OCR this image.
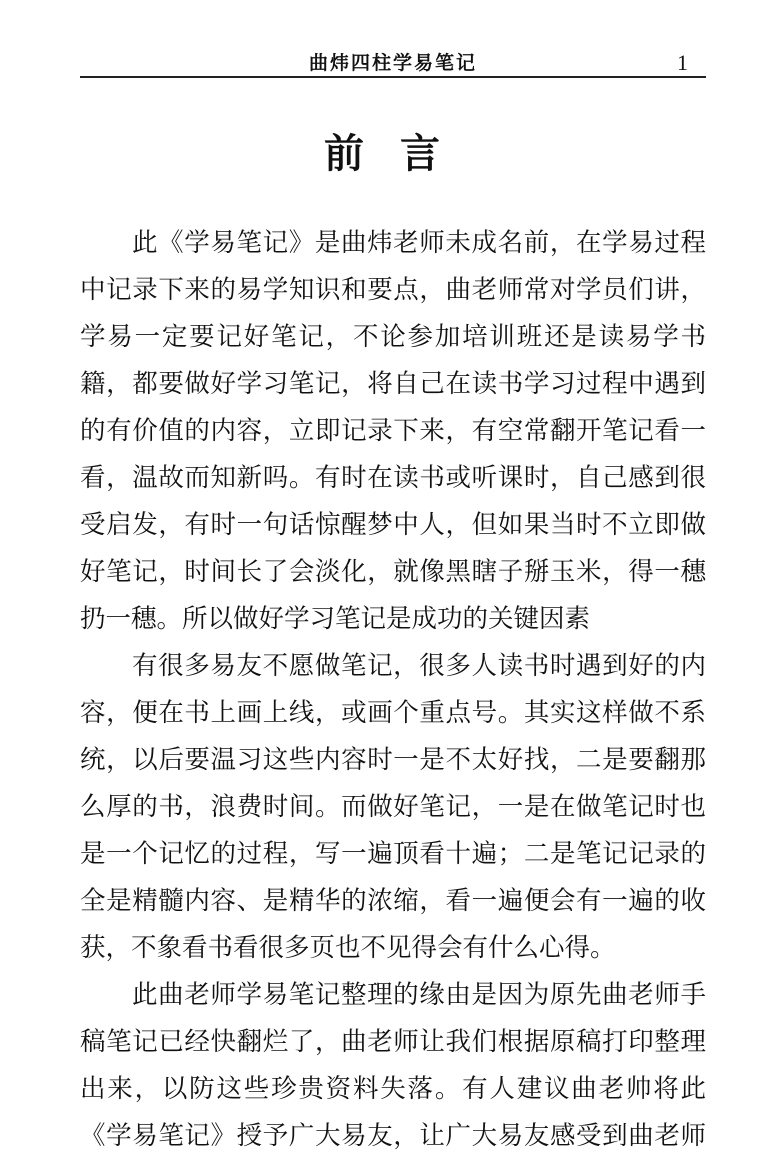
曲炜四柱学易笔记	1
前言
此《学易笔记》是曲炜老师未成名前，在学易过程
中记录下来的易学知识和要点，曲老师常对学员们讲，
学易一定要记好笔记，不论参加培训班还是读易学书
籍，都要做好学习笔记，将自己在读书学习过程中遇到
的有价值的内容，立即记录下来，有空常翻开笔记看一
看，温故而知新吗。有时在读书或听课时，自己感到很
受启发，有时一句话惊醒梦中人，但如果当时不立即做
好笔记，时间长了会淡化，就像黑瞎子掰玉米，得一穗
扔一穗。所以做好学习笔记是成功的关键因素
有很多易友不愿做笔记，很多人读书时遇到好的内
容，便在书上画上线，或画个重点号。其实这样做不系
统，以后要温习这些内容时一是不太好找，二是要翻那
么厚的书，浪费时间。而做好笔记，一是在做笔记时也
是一个记忆的过程，写一遍顶看十遍；二是笔记记录的
全是精髓内容、是精华的浓缩，看一遍便会有一遍的收
获，不象看书看很多页也不见得会有什么心得。
此曲老师学易笔记整理的缘由是因为原先曲老师手
稿笔记已经快翻烂了，曲老师让我们根据原稿打印整理
出来，以防这些珍贵资料失落。有人建议曲老帅将此
《学易笔记》授予广大易友，让广大易友感受到曲老师
